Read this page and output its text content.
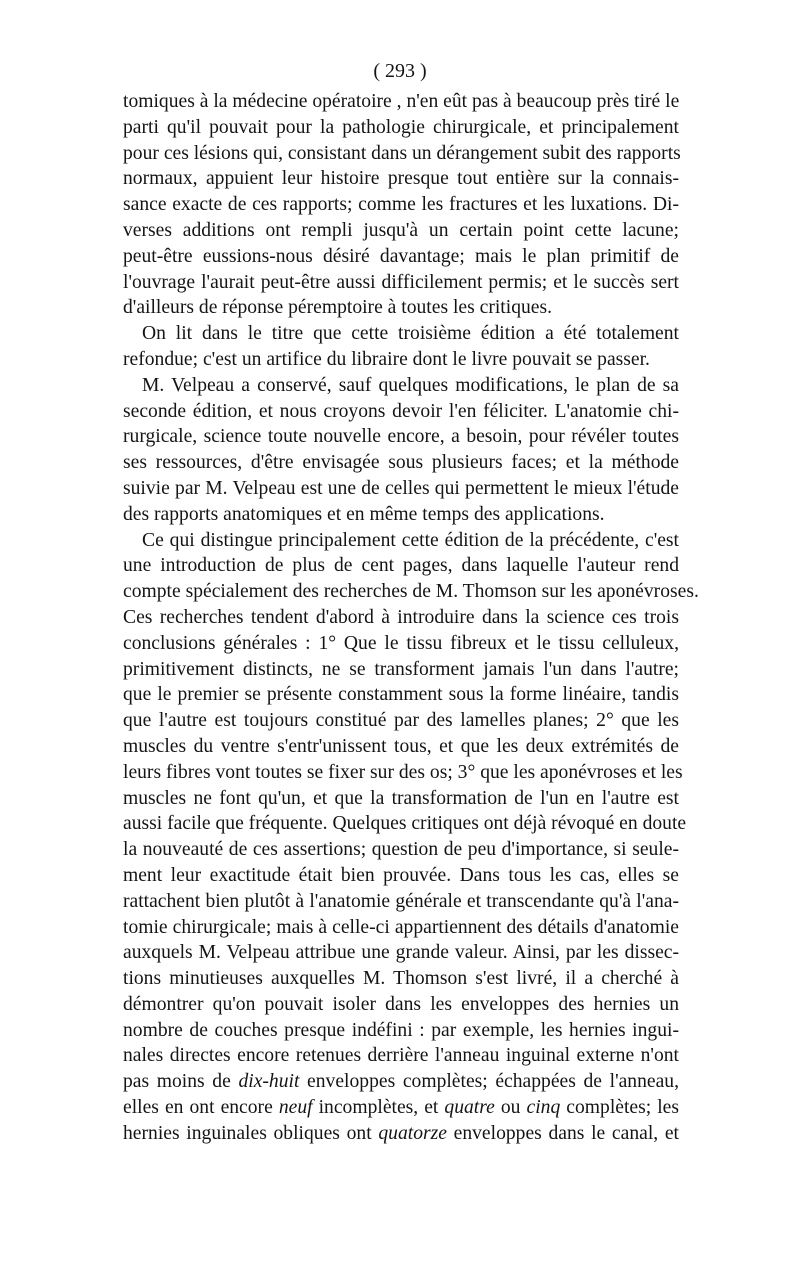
( 293 )
tomiques à la médecine opératoire , n'en eût pas à beaucoup près tiré le
parti qu'il pouvait pour la pathologie chirurgicale, et principalement
pour ces lésions qui, consistant dans un dérangement subit des rapports
normaux, appuient leur histoire presque tout entière sur la connais-
sance exacte de ces rapports; comme les fractures et les luxations. Di-
verses additions ont rempli jusqu'à un certain point cette lacune;
peut-être eussions-nous désiré davantage; mais le plan primitif de
l'ouvrage l'aurait peut-être aussi difficilement permis; et le succès sert
d'ailleurs de réponse péremptoire à toutes les critiques.
On lit dans le titre que cette troisième édition a été totalement
refondue; c'est un artifice du libraire dont le livre pouvait se passer.
M. Velpeau a conservé, sauf quelques modifications, le plan de sa
seconde édition, et nous croyons devoir l'en féliciter. L'anatomie chi-
rurgicale, science toute nouvelle encore, a besoin, pour révéler toutes
ses ressources, d'être envisagée sous plusieurs faces; et la méthode
suivie par M. Velpeau est une de celles qui permettent le mieux l'étude
des rapports anatomiques et en même temps des applications.
Ce qui distingue principalement cette édition de la précédente, c'est
une introduction de plus de cent pages, dans laquelle l'auteur rend
compte spécialement des recherches de M. Thomson sur les aponévroses.
Ces recherches tendent d'abord à introduire dans la science ces trois
conclusions générales : 1° Que le tissu fibreux et le tissu celluleux,
primitivement distincts, ne se transforment jamais l'un dans l'autre;
que le premier se présente constamment sous la forme linéaire, tandis
que l'autre est toujours constitué par des lamelles planes; 2° que les
muscles du ventre s'entr'unissent tous, et que les deux extrémités de
leurs fibres vont toutes se fixer sur des os; 3° que les aponévroses et les
muscles ne font qu'un, et que la transformation de l'un en l'autre est
aussi facile que fréquente. Quelques critiques ont déjà révoqué en doute
la nouveauté de ces assertions; question de peu d'importance, si seule-
ment leur exactitude était bien prouvée. Dans tous les cas, elles se
rattachent bien plutôt à l'anatomie générale et transcendante qu'à l'ana-
tomie chirurgicale; mais à celle-ci appartiennent des détails d'anatomie
auxquels M. Velpeau attribue une grande valeur. Ainsi, par les dissec-
tions minutieuses auxquelles M. Thomson s'est livré, il a cherché à
démontrer qu'on pouvait isoler dans les enveloppes des hernies un
nombre de couches presque indéfini : par exemple, les hernies ingui-
nales directes encore retenues derrière l'anneau inguinal externe n'ont
pas moins de dix-huit enveloppes complètes; échappées de l'anneau,
elles en ont encore neuf incomplètes, et quatre ou cinq complètes; les
hernies inguinales obliques ont quatorze enveloppes dans le canal, et
